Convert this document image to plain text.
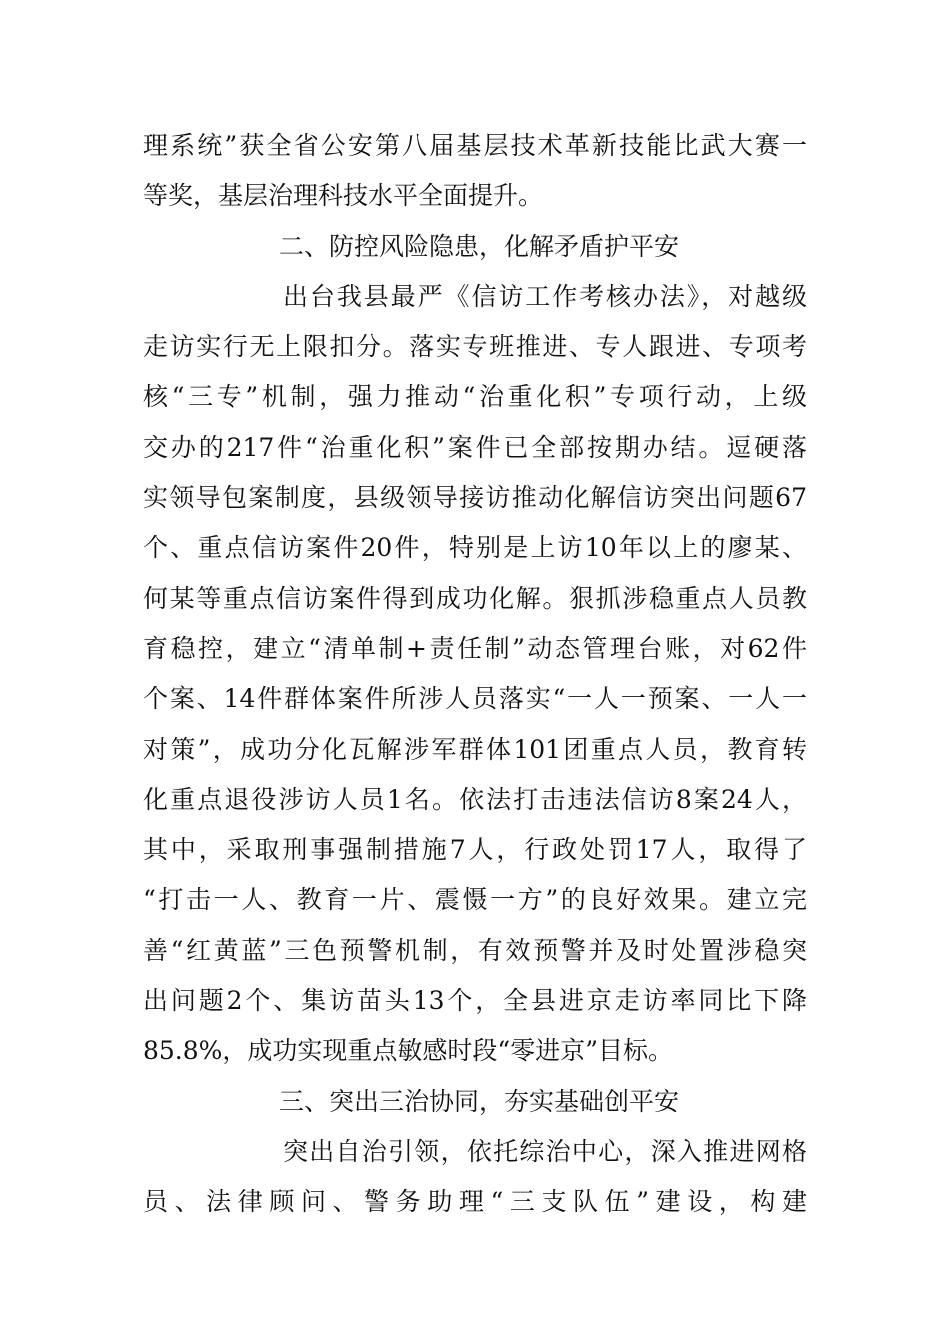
理系统”获全省公安第八届基层技术革新技能比武大赛一
等奖，基层治理科技水平全面提升。
二、防控风险隐患，化解矛盾护平安
出台我县最严《信访工作考核办法》，对越级
走访实行无上限扣分。落实专班推进、专人跟进、专项考
核“三专”机制，强力推动“治重化积”专项行动，上级
交办的217件“治重化积”案件已全部按期办结。逗硬落
实领导包案制度，县级领导接访推动化解信访突出问题67
个、重点信访案件20件，特别是上访10年以上的廖某、
何某等重点信访案件得到成功化解。狠抓涉稳重点人员教
育稳控，建立“清单制+责任制”动态管理台账，对62件
个案、14件群体案件所涉人员落实“一人一预案、一人一
对策”，成功分化瓦解涉军群体101团重点人员，教育转
化重点退役涉访人员1名。依法打击违法信访8案24人，
其中，采取刑事强制措施7人，行政处罚17人，取得了
“打击一人、教育一片、震慑一方”的良好效果。建立完
善“红黄蓝”三色预警机制，有效预警并及时处置涉稳突
出问题2个、集访苗头13个，全县进京走访率同比下降
85.8%，成功实现重点敏感时段“零进京”目标。
三、突出三治协同，夯实基础创平安
突出自治引领，依托综治中心，深入推进网格
员、法律顾问、警务助理“三支队伍”建设，构建
